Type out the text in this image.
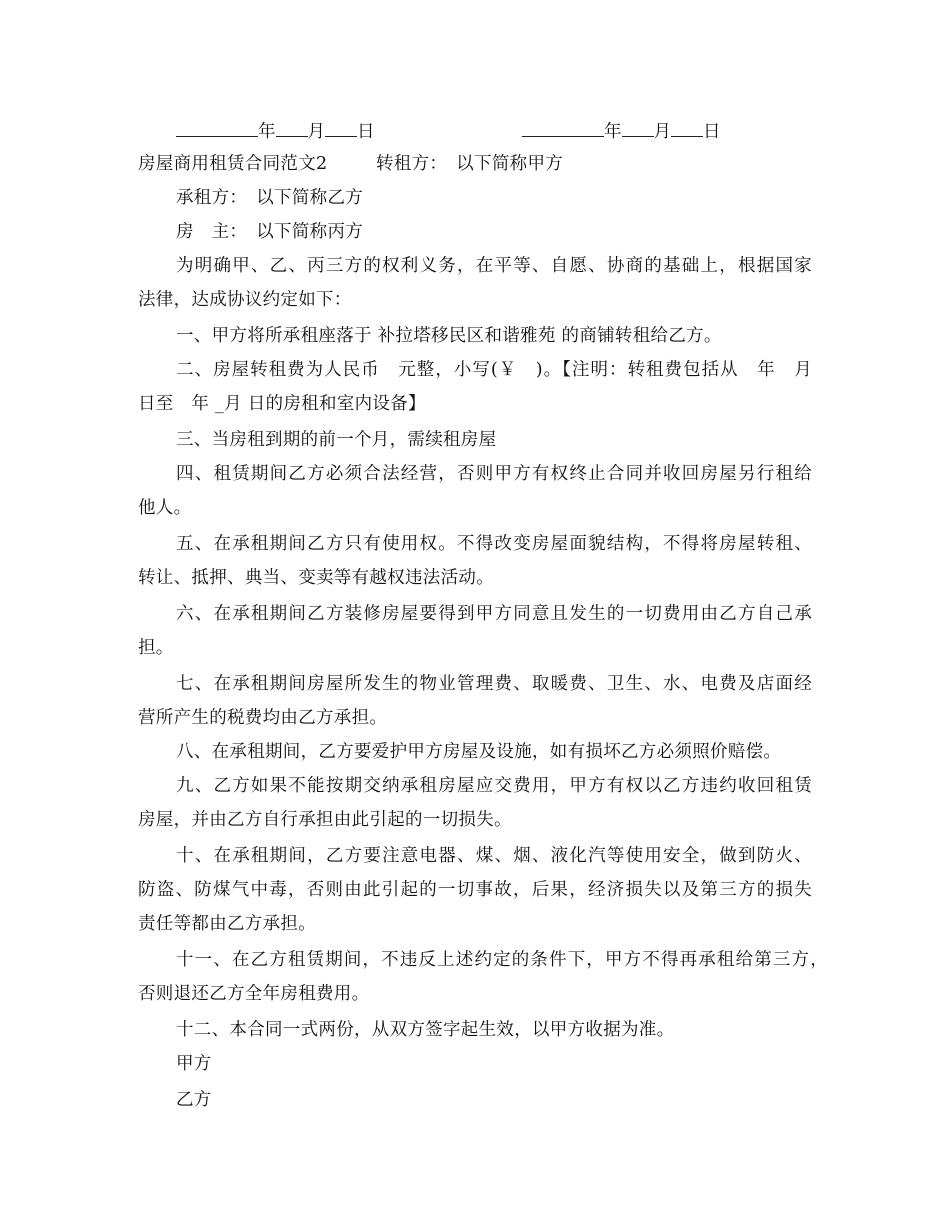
年 月 日	年 月 日
房屋商用租赁合同范文2	转租方：　以下简称甲方
承租方：　以下简称乙方
房　主：　以下简称丙方
为明确甲、乙、丙三方的权利义务，在平等、自愿、协商的基础上，根据国家
法律，达成协议约定如下：
一、甲方将所承租座落于 补拉塔移民区和谐雅苑 的商铺转租给乙方。
二、房屋转租费为人民币　元整，小写(￥　)。【注明：转租费包括从　年　月
日至　年 _月 日的房租和室内设备】
三、当房租到期的前一个月，需续租房屋
四、租赁期间乙方必须合法经营，否则甲方有权终止合同并收回房屋另行租给
他人。
五、在承租期间乙方只有使用权。不得改变房屋面貌结构，不得将房屋转租、
转让、抵押、典当、变卖等有越权违法活动。
六、在承租期间乙方装修房屋要得到甲方同意且发生的一切费用由乙方自己承
担。
七、在承租期间房屋所发生的物业管理费、取暖费、卫生、水、电费及店面经
营所产生的税费均由乙方承担。
八、在承租期间，乙方要爱护甲方房屋及设施，如有损坏乙方必须照价赔偿。
九、乙方如果不能按期交纳承租房屋应交费用，甲方有权以乙方违约收回租赁
房屋，并由乙方自行承担由此引起的一切损失。
十、在承租期间，乙方要注意电器、煤、烟、液化汽等使用安全，做到防火、
防盗、防煤气中毒，否则由此引起的一切事故，后果，经济损失以及第三方的损失
责任等都由乙方承担。
十一、在乙方租赁期间，不违反上述约定的条件下，甲方不得再承租给第三方，
否则退还乙方全年房租费用。
十二、本合同一式两份，从双方签字起生效，以甲方收据为准。
甲方
乙方
